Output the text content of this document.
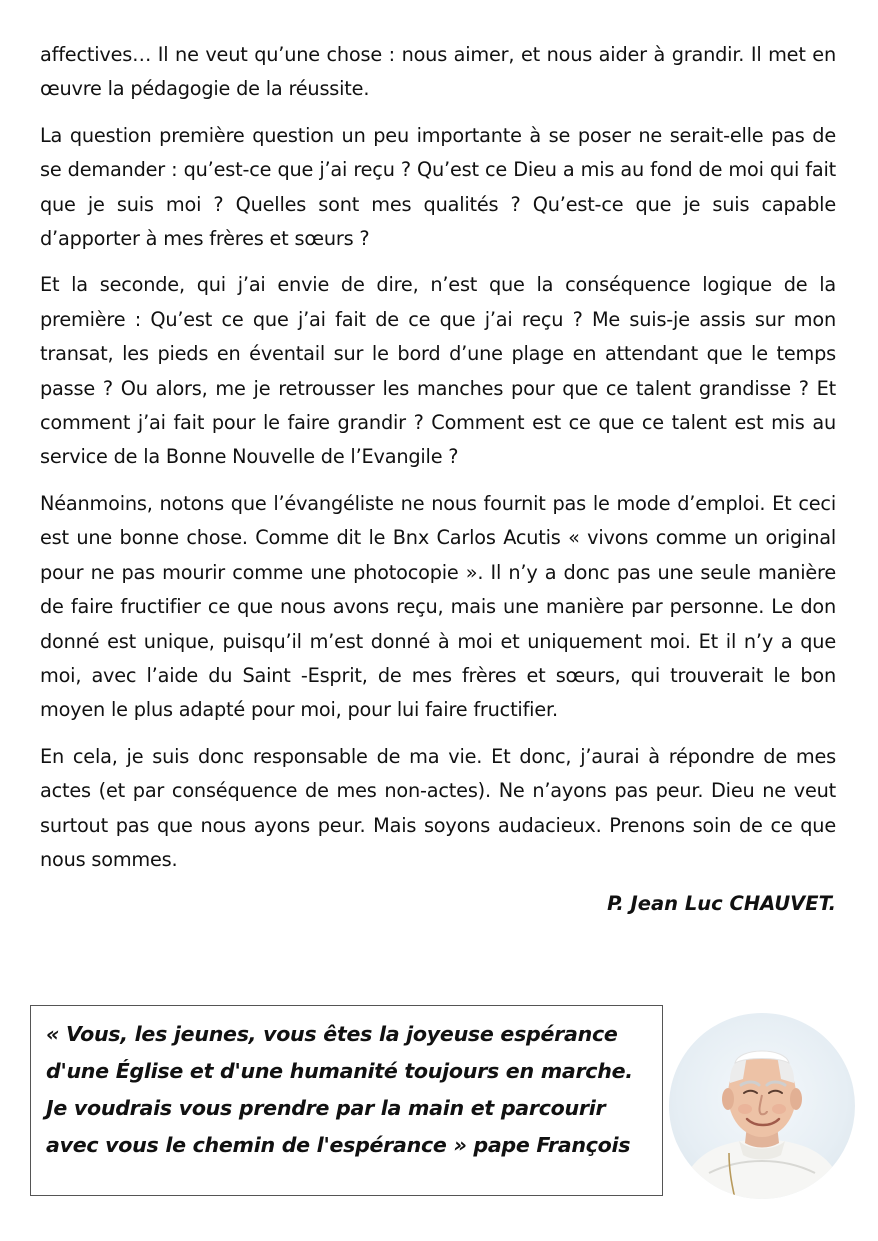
affectives… Il ne veut qu’une chose : nous aimer, et nous aider à grandir. Il met en œuvre la pédagogie de la réussite.

La question première question un peu importante à se poser ne serait-elle pas de se demander : qu’est-ce que j’ai reçu ? Qu’est ce Dieu a mis au fond de moi qui fait que je suis moi ? Quelles sont mes qualités ? Qu’est-ce que je suis capable d’apporter à mes frères et sœurs ?

Et la seconde, qui j’ai envie de dire, n’est que la conséquence logique de la première : Qu’est ce que j’ai fait de ce que j’ai reçu ? Me suis-je assis sur mon transat, les pieds en éventail sur le bord d’une plage en attendant que le temps passe ? Ou alors, me je retrousser les manches pour que ce talent grandisse ? Et comment j’ai fait pour le faire grandir ? Comment est ce que ce talent est mis au service de la Bonne Nouvelle de l’Evangile ?

Néanmoins, notons que l’évangéliste ne nous fournit pas le mode d’emploi. Et ceci est une bonne chose. Comme dit le Bnx Carlos Acutis « vivons comme un original pour ne pas mourir comme une photocopie ». Il n’y a donc pas une seule manière de faire fructifier ce que nous avons reçu, mais une manière par personne. Le don donné est unique, puisqu’il m’est donné à moi et uniquement moi. Et il n’y a que moi, avec l’aide du Saint -Esprit, de mes frères et sœurs, qui trouverait le bon moyen le plus adapté pour moi, pour lui faire fructifier.

En cela, je suis donc responsable de ma vie. Et donc, j’aurai à répondre de mes actes (et par conséquence de mes non-actes). Ne n’ayons pas peur. Dieu ne veut surtout pas que nous ayons peur. Mais soyons audacieux. Prenons soin de ce que nous sommes.

P. Jean Luc CHAUVET.
« Vous, les jeunes, vous êtes la joyeuse espérance
d'une Église et d'une humanité toujours en marche.
Je voudrais vous prendre par la main et parcourir
avec vous le chemin de l'espérance » pape François
